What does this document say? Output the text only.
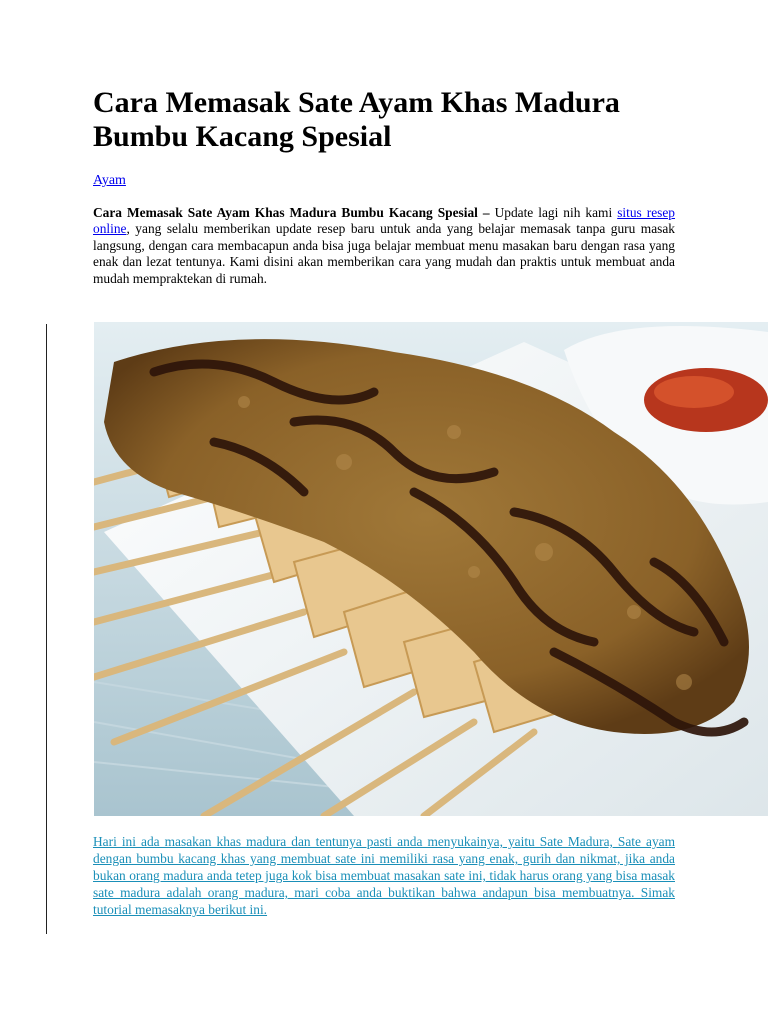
Cara Memasak Sate Ayam Khas Madura Bumbu Kacang Spesial
Ayam

Cara Memasak Sate Ayam Khas Madura Bumbu Kacang Spesial – Update lagi nih kami situs resep online, yang selalu memberikan update resep baru untuk anda yang belajar memasak tanpa guru masak langsung, dengan cara membacapun anda bisa juga belajar membuat menu masakan baru dengan rasa yang enak dan lezat tentunya. Kami disini akan memberikan cara yang mudah dan praktis untuk membuat anda mudah mempraktekan di rumah.

Hari ini ada masakan khas madura dan tentunya pasti anda menyukainya, yaitu Sate Madura, Sate ayam dengan bumbu kacang khas yang membuat sate ini memiliki rasa yang enak, gurih dan nikmat, jika anda bukan orang madura anda tetep juga kok bisa membuat masakan sate ini, tidak harus orang yang bisa masak sate madura adalah orang madura, mari coba anda buktikan bahwa andapun bisa membuatnya. Simak tutorial memasaknya berikut ini.
